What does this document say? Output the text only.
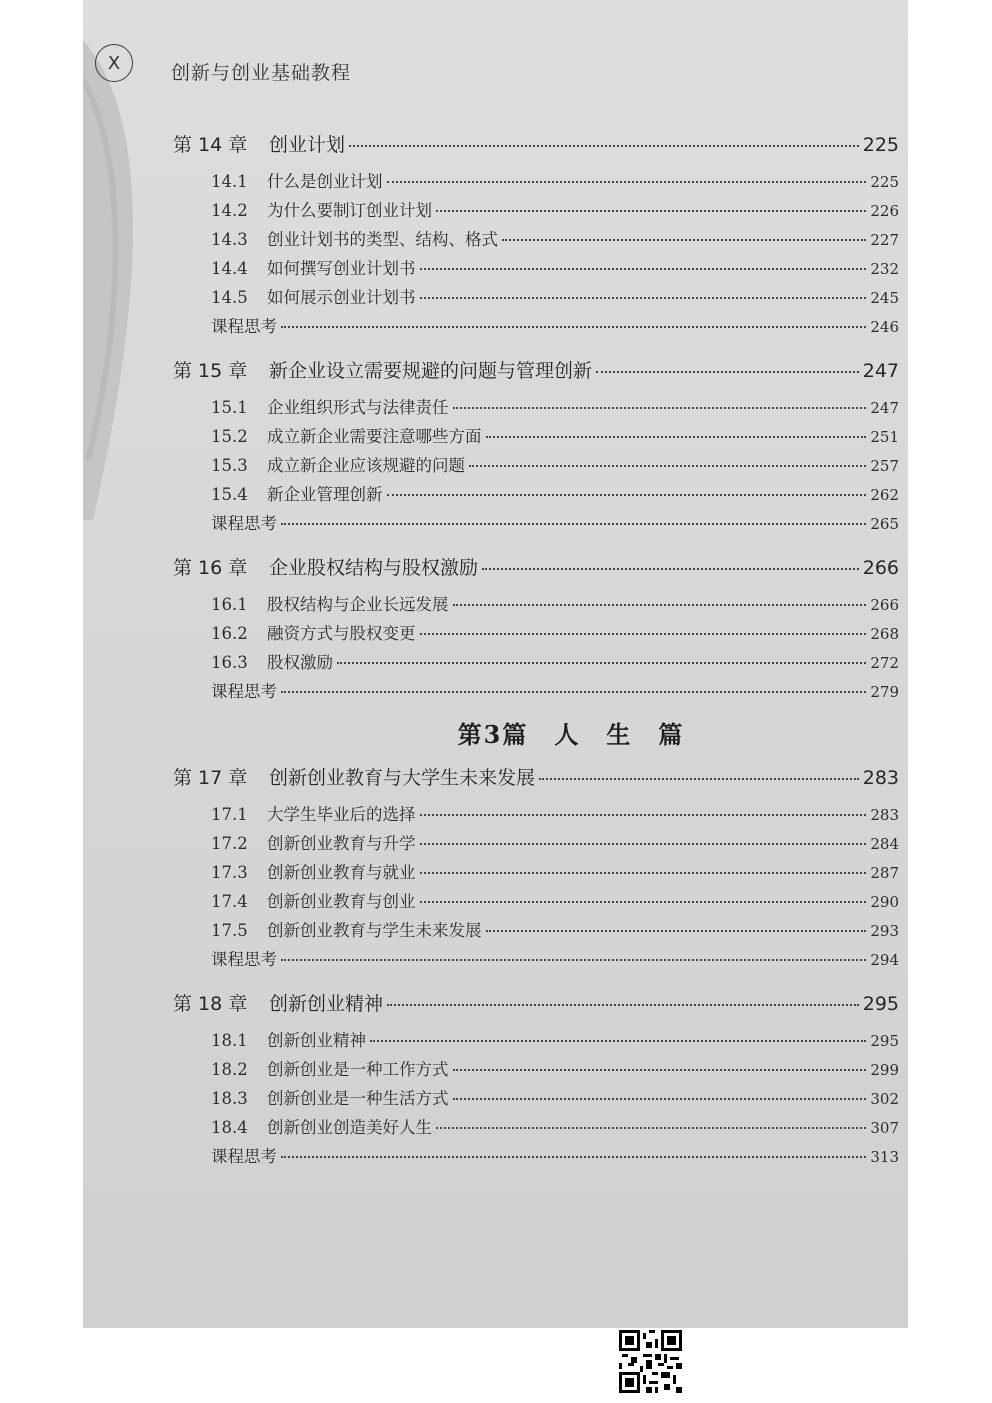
X	创新与创业基础教程
第 14 章	创业计划	225
14.1	什么是创业计划	225
14.2	为什么要制订创业计划	226
14.3	创业计划书的类型、结构、格式	227
14.4	如何撰写创业计划书	232
14.5	如何展示创业计划书	245
课程思考	246
第 15 章	新企业设立需要规避的问题与管理创新	247
15.1	企业组织形式与法律责任	247
15.2	成立新企业需要注意哪些方面	251
15.3	成立新企业应该规避的问题	257
15.4	新企业管理创新	262
课程思考	265
第 16 章	企业股权结构与股权激励	266
16.1	股权结构与企业长远发展	266
16.2	融资方式与股权变更	268
16.3	股权激励	272
课程思考	279
第3篇　人　生　篇
第 17 章	创新创业教育与大学生未来发展	283
17.1	大学生毕业后的选择	283
17.2	创新创业教育与升学	284
17.3	创新创业教育与就业	287
17.4	创新创业教育与创业	290
17.5	创新创业教育与学生未来发展	293
课程思考	294
第 18 章	创新创业精神	295
18.1	创新创业精神	295
18.2	创新创业是一种工作方式	299
18.3	创新创业是一种生活方式	302
18.4	创新创业创造美好人生	307
课程思考	313
